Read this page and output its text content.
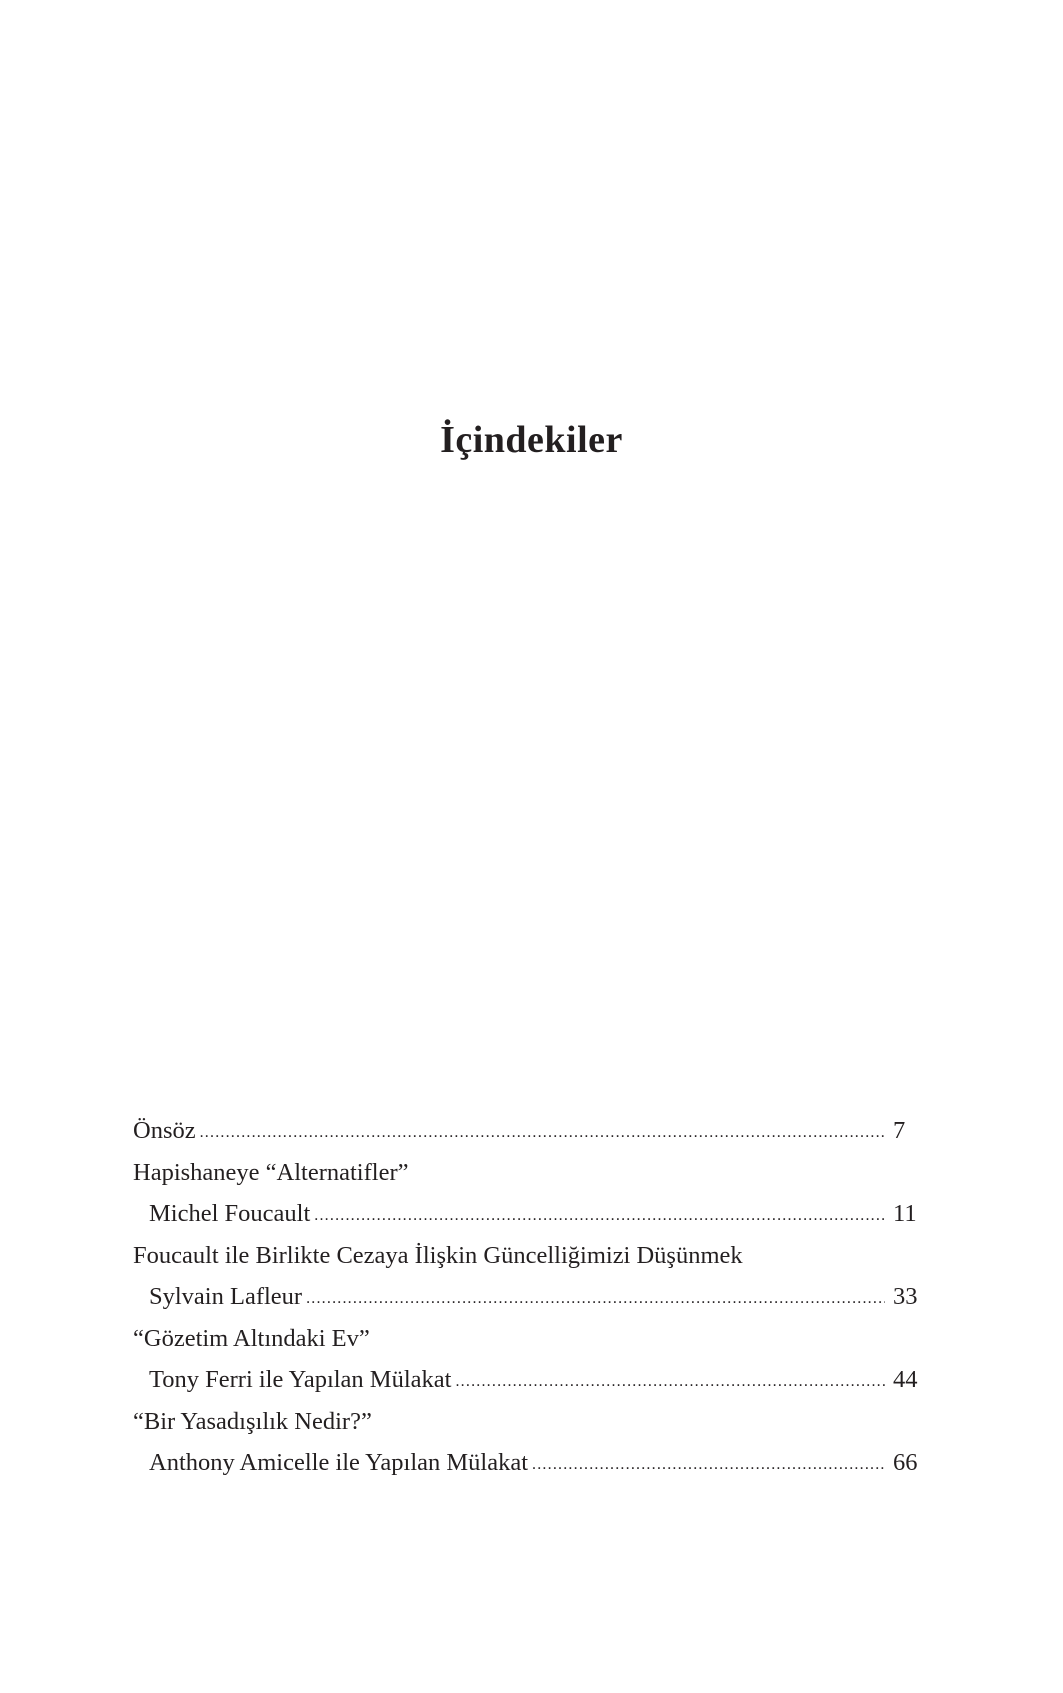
İçindekiler
Önsöz .....	7
Hapishaneye “Alternatifler”
Michel Foucault .....	11
Foucault ile Birlikte Cezaya İlişkin Güncelliğimizi Düşünmek
Sylvain Lafleur .....	33
“Gözetim Altındaki Ev”
Tony Ferri ile Yapılan Mülakat .....	44
“Bir Yasadışılık Nedir?”
Anthony Amicelle ile Yapılan Mülakat .....	66
